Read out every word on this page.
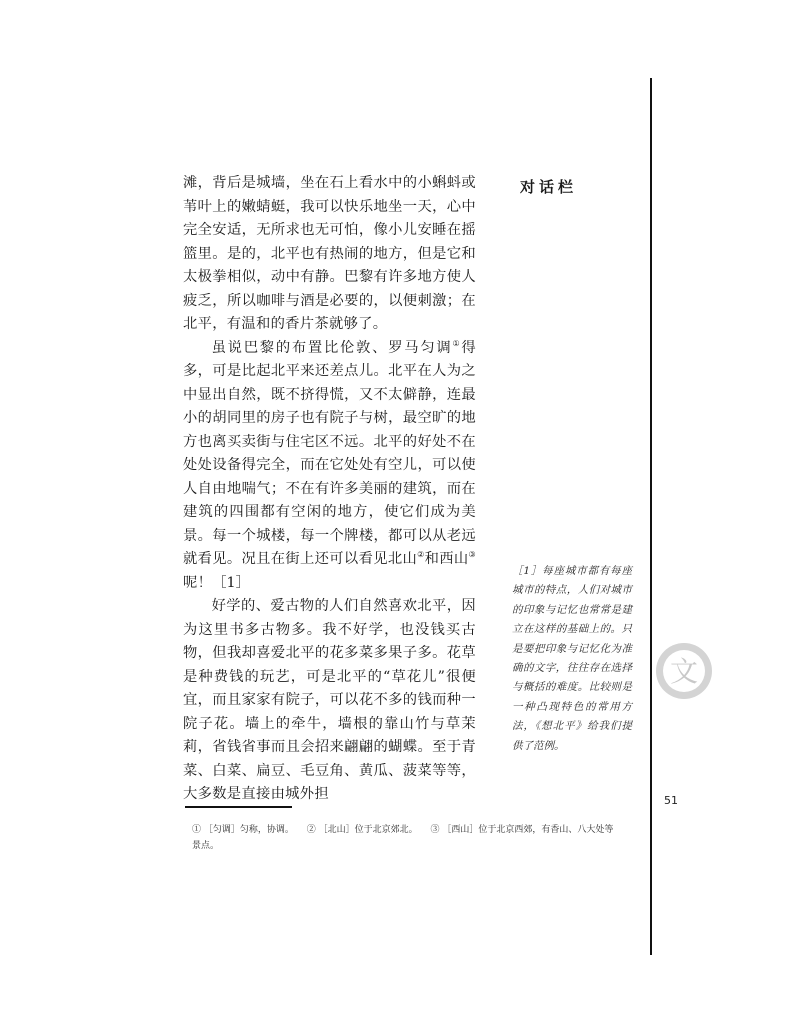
滩，背后是城墙，坐在石上看水中的小蝌蚪或苇叶上的嫩蜻蜓，我可以快乐地坐一天，心中完全安适，无所求也无可怕，像小儿安睡在摇篮里。是的，北平也有热闹的地方，但是它和太极拳相似，动中有静。巴黎有许多地方使人疲乏，所以咖啡与酒是必要的，以便刺激；在北平，有温和的香片茶就够了。

虽说巴黎的布置比伦敦、罗马匀调①得多，可是比起北平来还差点儿。北平在人为之中显出自然，既不挤得慌，又不太僻静，连最小的胡同里的房子也有院子与树，最空旷的地方也离买卖街与住宅区不远。北平的好处不在处处设备得完全，而在它处处有空儿，可以使人自由地喘气；不在有许多美丽的建筑，而在建筑的四围都有空闲的地方，使它们成为美景。每一个城楼，每一个牌楼，都可以从老远就看见。况且在街上还可以看见北山②和西山③呢！［1］

好学的、爱古物的人们自然喜欢北平，因为这里书多古物多。我不好学，也没钱买古物，但我却喜爱北平的花多菜多果子多。花草是种费钱的玩艺，可是北平的“草花儿”很便宜，而且家家有院子，可以花不多的钱而种一院子花。墙上的牵牛，墙根的靠山竹与草茉莉，省钱省事而且会招来翩翩的蝴蝶。至于青菜、白菜、扁豆、毛豆角、黄瓜、菠菜等等，大多数是直接由城外担

对话栏
［1］每座城市都有每座城市的特点，人们对城市的印象与记忆也常常是建立在这样的基础上的。只是要把印象与记忆化为准确的文字，往往存在选择与概括的难度。比较则是一种凸现特色的常用方法，《想北平》给我们提供了范例。
文
51
① ［匀调］匀称，协调。 ② ［北山］位于北京郊北。 ③ ［西山］位于北京西郊，有香山、八大处等景点。
